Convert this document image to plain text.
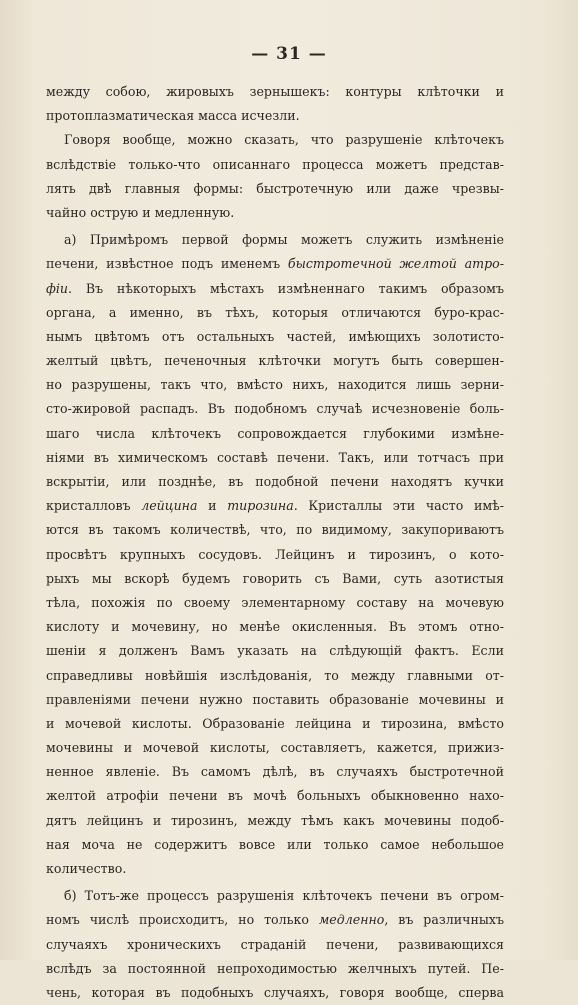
— 31 —
между собою, жировыхъ зернышекъ: контуры клѣточки и
протоплазматическая масса исчезли.
Говоря вообще, можно сказать, что разрушеніе клѣточекъ
вслѣдствіе только-что описаннаго процесса можетъ представ-
лять двѣ главныя формы: быстротечную или даже чрезвы-
чайно острую и медленную.
a) Примѣромъ первой формы можетъ служить измѣненіе
печени, извѣстное подъ именемъ быстротечной желтой атро-
фіи. Въ нѣкоторыхъ мѣстахъ измѣненнаго такимъ образомъ
органа, а именно, въ тѣхъ, которыя отличаются буро-крас-
нымъ цвѣтомъ отъ остальныхъ частей, имѣющихъ золотисто-
желтый цвѣтъ, печеночныя клѣточки могутъ быть совершен-
но разрушены, такъ что, вмѣсто нихъ, находится лишь зерни-
сто-жировой распадъ. Въ подобномъ случаѣ исчезновеніе боль-
шаго числа клѣточекъ сопровождается глубокими измѣне-
ніями въ химическомъ составѣ печени. Такъ, или тотчасъ при
вскрытіи, или позднѣе, въ подобной печени находятъ кучки
кристалловъ лейцина и тирозина. Кристаллы эти часто имѣ-
ются въ такомъ количествѣ, что, по видимому, закупориваютъ
просвѣтъ крупныхъ сосудовъ. Лейцинъ и тирозинъ, о кото-
рыхъ мы вскорѣ будемъ говорить съ Вами, суть азотистыя
тѣла, похожія по своему элементарному составу на мочевую
кислоту и мочевину, но менѣе окисленныя. Въ этомъ отно-
шеніи я долженъ Вамъ указать на слѣдующій фактъ. Если
справедливы новѣйшія изслѣдованія, то между главными от-
правленіями печени нужно поставить образованіе мочевины и
и мочевой кислоты. Образованіе лейцина и тирозина, вмѣсто
мочевины и мочевой кислоты, составляетъ, кажется, прижиз-
ненное явленіе. Въ самомъ дѣлѣ, въ случаяхъ быстротечной
желтой атрофіи печени въ мочѣ больныхъ обыкновенно нахо-
дятъ лейцинъ и тирозинъ, между тѣмъ какъ мочевины подоб-
ная моча не содержитъ вовсе или только самое небольшое
количество.
б) Тотъ-же процессъ разрушенія клѣточекъ печени въ огром-
номъ числѣ происходитъ, но только медленно, въ различныхъ
случаяхъ хроническихъ страданій печени, развивающихся
вслѣдъ за постоянной непроходимостью желчныхъ путей. Пе-
чень, которая въ подобныхъ случаяхъ, говоря вообще, сперва
